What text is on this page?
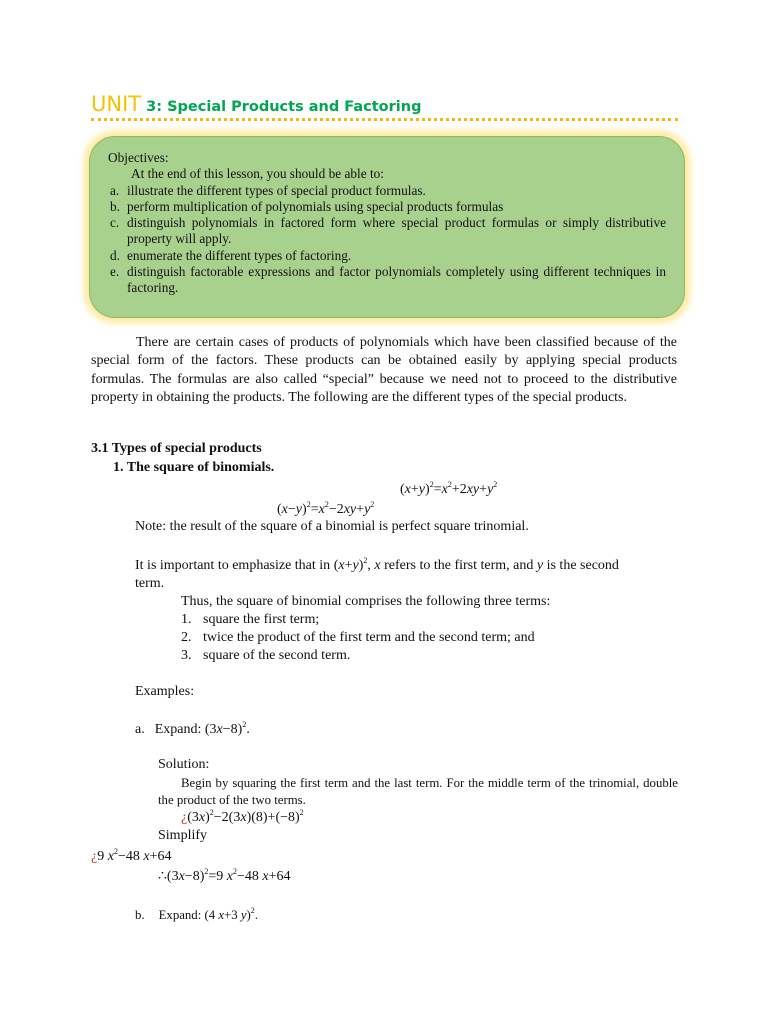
UNIT 3: Special Products and Factoring
Objectives:
At the end of this lesson, you should be able to:
a. illustrate the different types of special product formulas.
b. perform multiplication of polynomials using special products formulas
c. distinguish polynomials in factored form where special product formulas or simply distributive property will apply.
d. enumerate the different types of factoring.
e. distinguish factorable expressions and factor polynomials completely using different techniques in factoring.
There are certain cases of products of polynomials which have been classified because of the special form of the factors. These products can be obtained easily by applying special products formulas. The formulas are also called “special” because we need not to proceed to the distributive property in obtaining the products. The following are the different types of the special products.
3.1 Types of special products
1. The square of binomials.
$(x+y)^2=x^2+2xy+y^2$
$(x-y)^2=x^2-2xy+y^2$
Note: the result of the square of a binomial is perfect square trinomial.
It is important to emphasize that in $(x+y)^2$, x refers to the first term, and y is the second
term.
Thus, the square of binomial comprises the following three terms:
1. square the first term;
2. twice the product of the first term and the second term; and
3. square of the second term.
Examples:
a. Expand: $(3x-8)^2$.
Solution:
Begin by squaring the first term and the last term. For the middle term of the trinomial, double the product of the two terms.
¿$(3x)^2-2(3x)(8)+(-8)^2$
Simplify
¿9 $x^2-48$ x+64
$\therefore(3x-8)^2=9$ $x^2-48$ x+64
b. Expand: (4 x+3 y)$^2$.
